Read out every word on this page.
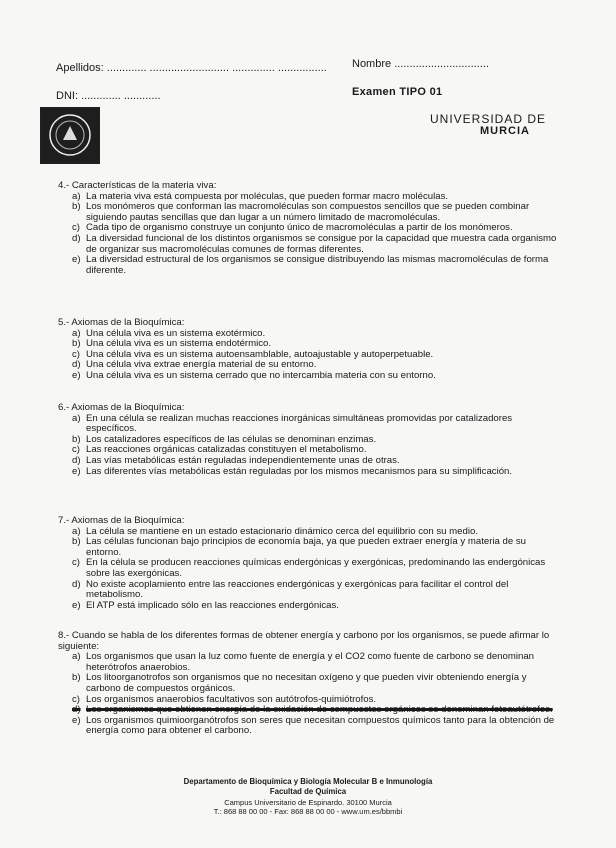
Apellidos: ............. .......................... .............. ................ Nombre ...............................
DNI: ............. ............	Examen TIPO 01
UNIVERSIDAD DE
MURCIA
4.- Características de la materia viva:
a) La materia viva está compuesta por moléculas, que pueden formar macro moléculas.
b) Los monómeros que conforman las macromoléculas son compuestos sencillos que se pueden combinar siguiendo pautas sencillas que dan lugar a un número limitado de macromoléculas.
c) Cada tipo de organismo construye un conjunto único de macromoléculas a partir de los monómeros.
d) La diversidad funcional de los distintos organismos se consigue por la capacidad que muestra cada organismo de organizar sus macromoléculas comunes de formas diferentes.
e) La diversidad estructural de los organismos se consigue distribuyendo las mismas macromoléculas de forma diferente.
5.- Axiomas de la Bioquímica:
a) Una célula viva es un sistema exotérmico.
b) Una célula viva es un sistema endotérmico.
c) Una célula viva es un sistema autoensamblable, autoajustable y autoperpetuable.
d) Una célula viva extrae energía material de su entorno.
e) Una célula viva es un sistema cerrado que no intercambia materia con su entorno.
6.- Axiomas de la Bioquímica:
a) En una célula se realizan muchas reacciones inorgánicas simultáneas promovidas por catalizadores específicos.
b) Los catalizadores específicos de las células se denominan enzimas.
c) Las reacciones orgánicas catalizadas constituyen el metabolismo.
d) Las vías metabólicas están reguladas independientemente unas de otras.
e) Las diferentes vías metabólicas están reguladas por los mismos mecanismos para su simplificación.
7.- Axiomas de la Bioquímica:
a) La célula se mantiene en un estado estacionario dinámico cerca del equilibrio con su medio.
b) Las células funcionan bajo principios de economía baja, ya que pueden extraer energía y materia de su entorno.
c) En la célula se producen reacciones químicas endergónicas y exergónicas, predominando las endergónicas sobre las exergónicas.
d) No existe acoplamiento entre las reacciones endergónicas y exergónicas para facilitar el control del metabolismo.
e) El ATP está implicado sólo en las reacciones endergónicas.
8.- Cuando se habla de los diferentes formas de obtener energía y carbono por los organismos, se puede afirmar lo siguiente:
a) Los organismos que usan la luz como fuente de energía y el CO2 como fuente de carbono se denominan heterótrofos anaerobios.
b) Los litoorganotrofos son organismos que no necesitan oxígeno y que pueden vivir obteniendo energía y carbono de compuestos orgánicos.
c) Los organismos anaerobios facultativos son autótrofos-quimiótrofos.
d) Los organismos que obtienen energía de la oxidación de compuestos orgánicos se denominan fotoautótrofos.
e) Los organismos quimioorganótrofos son seres que necesitan compuestos químicos tanto para la obtención de energía como para obtener el carbono.
Departamento de Bioquímica y Biología Molecular B e Inmunología
Facultad de Química
Campus Universitario de Espinardo. 30100 Murcia
T.: 868 88 00 00 - Fax: 868 88 00 00 - www.um.es/bbmbi
